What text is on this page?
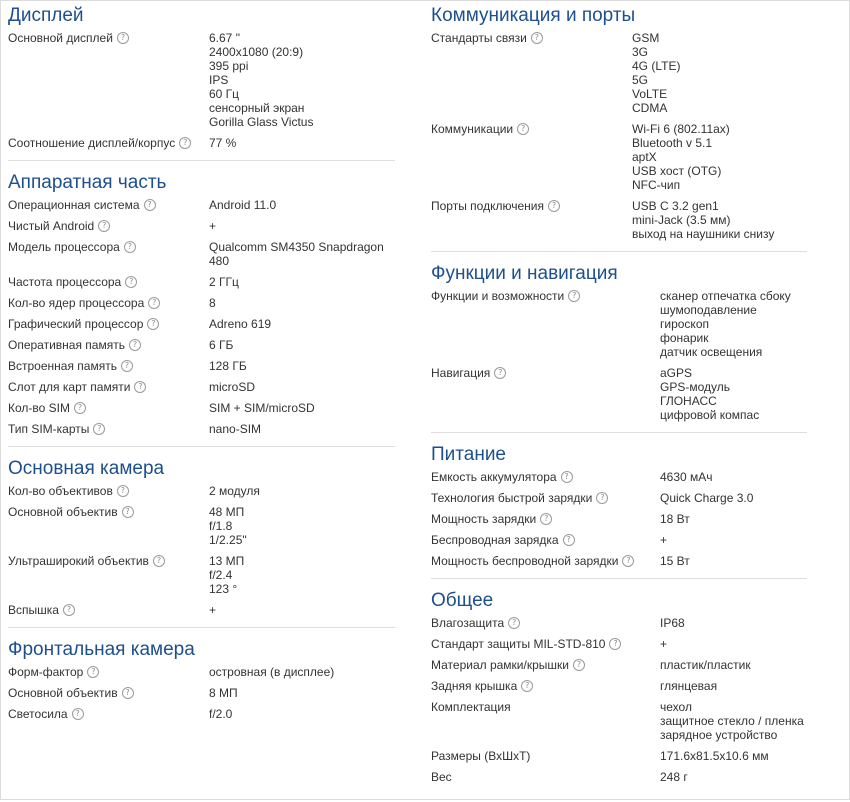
Дисплей
Основной дисплей ?	6.67 "
2400x1080 (20:9)
395 ppi
IPS
60 Гц
сенсорный экран
Gorilla Glass Victus
Соотношение дисплей/корпус ?	77 %
Аппаратная часть
Операционная система ?	Android 11.0
Чистый Android ?	+
Модель процессора ?	Qualcomm SM4350 Snapdragon 480
Частота процессора ?	2 ГГц
Кол-во ядер процессора ?	8
Графический процессор ?	Adreno 619
Оперативная память ?	6 ГБ
Встроенная память ?	128 ГБ
Слот для карт памяти ?	microSD
Кол-во SIM ?	SIM + SIM/microSD
Тип SIM-карты ?	nano-SIM
Основная камера
Кол-во объективов ?	2 модуля
Основной объектив ?	48 МП
f/1.8
1/2.25"
Ультраширокий объектив ?	13 МП
f/2.4
123 °
Вспышка ?	+
Фронтальная камера
Форм-фактор ?	островная (в дисплее)
Основной объектив ?	8 МП
Светосила ?	f/2.0
Коммуникация и порты
Стандарты связи ?	GSM
3G
4G (LTE)
5G
VoLTE
CDMA
Коммуникации ?	Wi-Fi 6 (802.11ax)
Bluetooth v 5.1
aptX
USB хост (OTG)
NFC-чип
Порты подключения ?	USB C 3.2 gen1
mini-Jack (3.5 мм)
выход на наушники снизу
Функции и навигация
Функции и возможности ?	сканер отпечатка сбоку
шумоподавление
гироскоп
фонарик
датчик освещения
Навигация ?	aGPS
GPS-модуль
ГЛОНАСС
цифровой компас
Питание
Емкость аккумулятора ?	4630 мАч
Технология быстрой зарядки ?	Quick Charge 3.0
Мощность зарядки ?	18 Вт
Беспроводная зарядка ?	+
Мощность беспроводной зарядки ?	15 Вт
Общее
Влагозащита ?	IP68
Стандарт защиты MIL-STD-810 ?	+
Материал рамки/крышки ?	пластик/пластик
Задняя крышка ?	глянцевая
Комплектация	чехол
защитное стекло / пленка
зарядное устройство
Размеры (ВхШхТ)	171.6x81.5x10.6 мм
Вес	248 г
